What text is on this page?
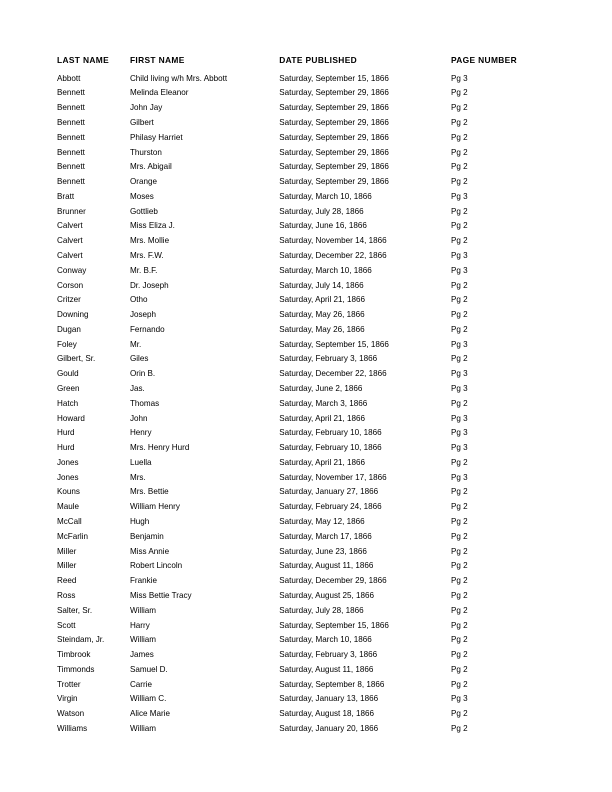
LAST NAME	FIRST NAME	DATE PUBLISHED	PAGE NUMBER
Abbott	Child living w/h Mrs. Abbott	Saturday, September 15, 1866	Pg 3
Bennett	Melinda Eleanor	Saturday, September 29, 1866	Pg 2
Bennett	John Jay	Saturday, September 29, 1866	Pg 2
Bennett	Gilbert	Saturday, September 29, 1866	Pg 2
Bennett	Philasy Harriet	Saturday, September 29, 1866	Pg 2
Bennett	Thurston	Saturday, September 29, 1866	Pg 2
Bennett	Mrs. Abigail	Saturday, September 29, 1866	Pg 2
Bennett	Orange	Saturday, September 29, 1866	Pg 2
Bratt	Moses	Saturday, March 10, 1866	Pg 3
Brunner	Gottlieb	Saturday, July 28, 1866	Pg 2
Calvert	Miss Eliza J.	Saturday, June 16, 1866	Pg 2
Calvert	Mrs. Mollie	Saturday, November 14, 1866	Pg 2
Calvert	Mrs. F.W.	Saturday, December 22, 1866	Pg 3
Conway	Mr. B.F.	Saturday, March 10, 1866	Pg 3
Corson	Dr. Joseph	Saturday, July 14, 1866	Pg 2
Critzer	Otho	Saturday, April 21, 1866	Pg 2
Downing	Joseph	Saturday, May 26, 1866	Pg 2
Dugan	Fernando	Saturday, May 26, 1866	Pg 2
Foley	Mr.	Saturday, September 15, 1866	Pg 3
Gilbert, Sr.	Giles	Saturday, February 3, 1866	Pg 2
Gould	Orin B.	Saturday, December 22, 1866	Pg 3
Green	Jas.	Saturday, June 2, 1866	Pg 3
Hatch	Thomas	Saturday, March 3, 1866	Pg 2
Howard	John	Saturday, April 21, 1866	Pg 3
Hurd	Henry	Saturday, February 10, 1866	Pg 3
Hurd	Mrs. Henry Hurd	Saturday, February 10, 1866	Pg 3
Jones	Luella	Saturday, April 21, 1866	Pg 2
Jones	Mrs.	Saturday, November 17, 1866	Pg 3
Kouns	Mrs. Bettie	Saturday, January 27, 1866	Pg 2
Maule	William Henry	Saturday, February 24, 1866	Pg 2
McCall	Hugh	Saturday, May 12, 1866	Pg 2
McFarlin	Benjamin	Saturday, March 17, 1866	Pg 2
Miller	Miss Annie	Saturday, June 23, 1866	Pg 2
Miller	Robert Lincoln	Saturday, August 11, 1866	Pg 2
Reed	Frankie	Saturday, December 29, 1866	Pg 2
Ross	Miss Bettie Tracy	Saturday, August 25, 1866	Pg 2
Salter, Sr.	William	Saturday, July 28, 1866	Pg 2
Scott	Harry	Saturday, September 15, 1866	Pg 2
Steindam, Jr.	William	Saturday, March 10, 1866	Pg 2
Timbrook	James	Saturday, February 3, 1866	Pg 2
Timmonds	Samuel D.	Saturday, August 11, 1866	Pg 2
Trotter	Carrie	Saturday, September 8, 1866	Pg 2
Virgin	William C.	Saturday, January 13, 1866	Pg 3
Watson	Alice Marie	Saturday, August 18, 1866	Pg 2
Williams	William	Saturday, January 20, 1866	Pg 2
